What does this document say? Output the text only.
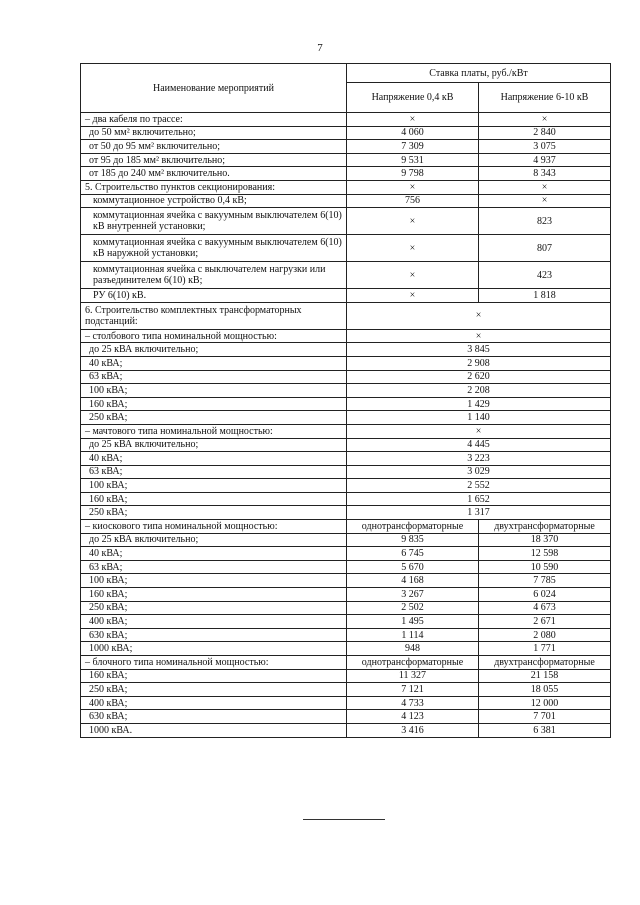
7
Наименование мероприятий	Ставка платы, руб./кВт	
	Напряжение 0,4 кВ	Напряжение 6-10 кВ
– два кабеля по трассе:	×	×
до 50 мм² включительно;	4 060	2 840
от 50 до 95 мм² включительно;	7 309	3 075
от 95 до 185 мм² включительно;	9 531	4 937
от 185 до 240 мм² включительно.	9 798	8 343
5. Строительство пунктов секционирования:	×	×
коммутационное устройство 0,4 кВ;	756	×
коммутационная ячейка с вакуумным выключателем 6(10) кВ внутренней установки;	×	823
коммутационная ячейка с вакуумным выключателем 6(10) кВ наружной установки;	×	807
коммутационная ячейка с выключателем нагрузки или разъединителем 6(10) кВ;	×	423
РУ 6(10) кВ.	×	1 818
6. Строительство комплектных трансформаторных подстанций:	×	
– столбового типа номинальной мощностью:	×	
до 25 кВА включительно;	3 845	
40 кВА;	2 908	
63 кВА;	2 620	
100 кВА;	2 208	
160 кВА;	1 429	
250 кВА;	1 140	
– мачтового типа номинальной мощностью:	×	
до 25 кВА включительно;	4 445	
40 кВА;	3 223	
63 кВА;	3 029	
100 кВА;	2 552	
160 кВА;	1 652	
250 кВА;	1 317	
– киоскового типа номинальной мощностью:	однотрансформаторные	двухтрансформаторные
до 25 кВА включительно;	9 835	18 370
40 кВА;	6 745	12 598
63 кВА;	5 670	10 590
100 кВА;	4 168	7 785
160 кВА;	3 267	6 024
250 кВА;	2 502	4 673
400 кВА;	1 495	2 671
630 кВА;	1 114	2 080
1000 кВА;	948	1 771
– блочного типа номинальной мощностью:	однотрансформаторные	двухтрансформаторные
160 кВА;	11 327	21 158
250 кВА;	7 121	18 055
400 кВА;	4 733	12 000
630 кВА;	4 123	7 701
1000 кВА.	3 416	6 381
